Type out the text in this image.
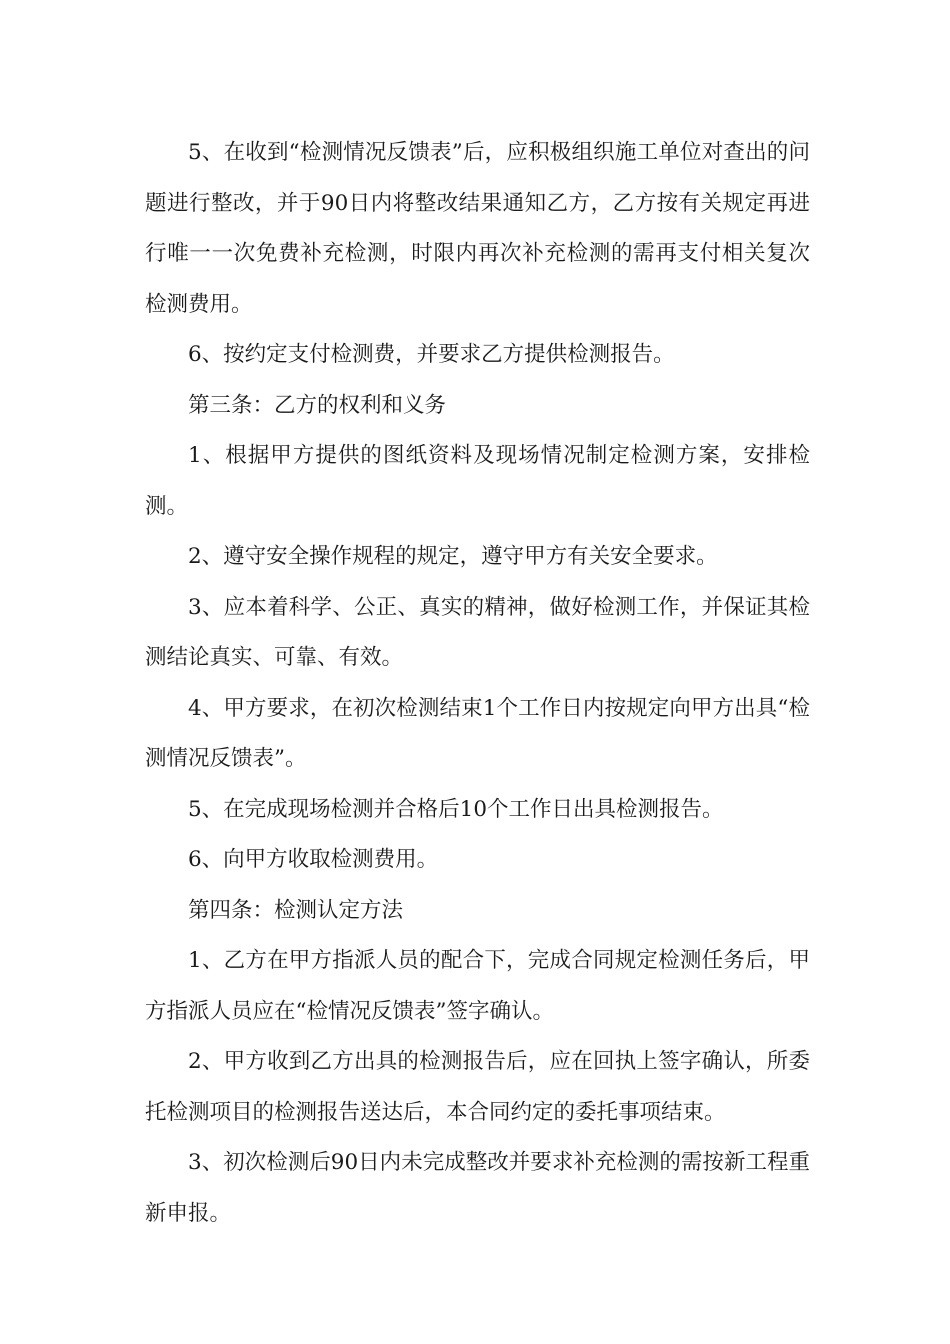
5、在收到“检测情况反馈表”后，应积极组织施工单位对查出的问题进行整改，并于90日内将整改结果通知乙方，乙方按有关规定再进行唯一一次免费补充检测，时限内再次补充检测的需再支付相关复次检测费用。

6、按约定支付检测费，并要求乙方提供检测报告。

第三条：乙方的权利和义务

1、根据甲方提供的图纸资料及现场情况制定检测方案，安排检测。

2、遵守安全操作规程的规定，遵守甲方有关安全要求。

3、应本着科学、公正、真实的精神，做好检测工作，并保证其检测结论真实、可靠、有效。

4、甲方要求，在初次检测结束1个工作日内按规定向甲方出具“检测情况反馈表”。

5、在完成现场检测并合格后10个工作日出具检测报告。

6、向甲方收取检测费用。

第四条：检测认定方法

1、乙方在甲方指派人员的配合下，完成合同规定检测任务后，甲方指派人员应在“检情况反馈表”签字确认。

2、甲方收到乙方出具的检测报告后，应在回执上签字确认，所委托检测项目的检测报告送达后，本合同约定的委托事项结束。

3、初次检测后90日内未完成整改并要求补充检测的需按新工程重新申报。
